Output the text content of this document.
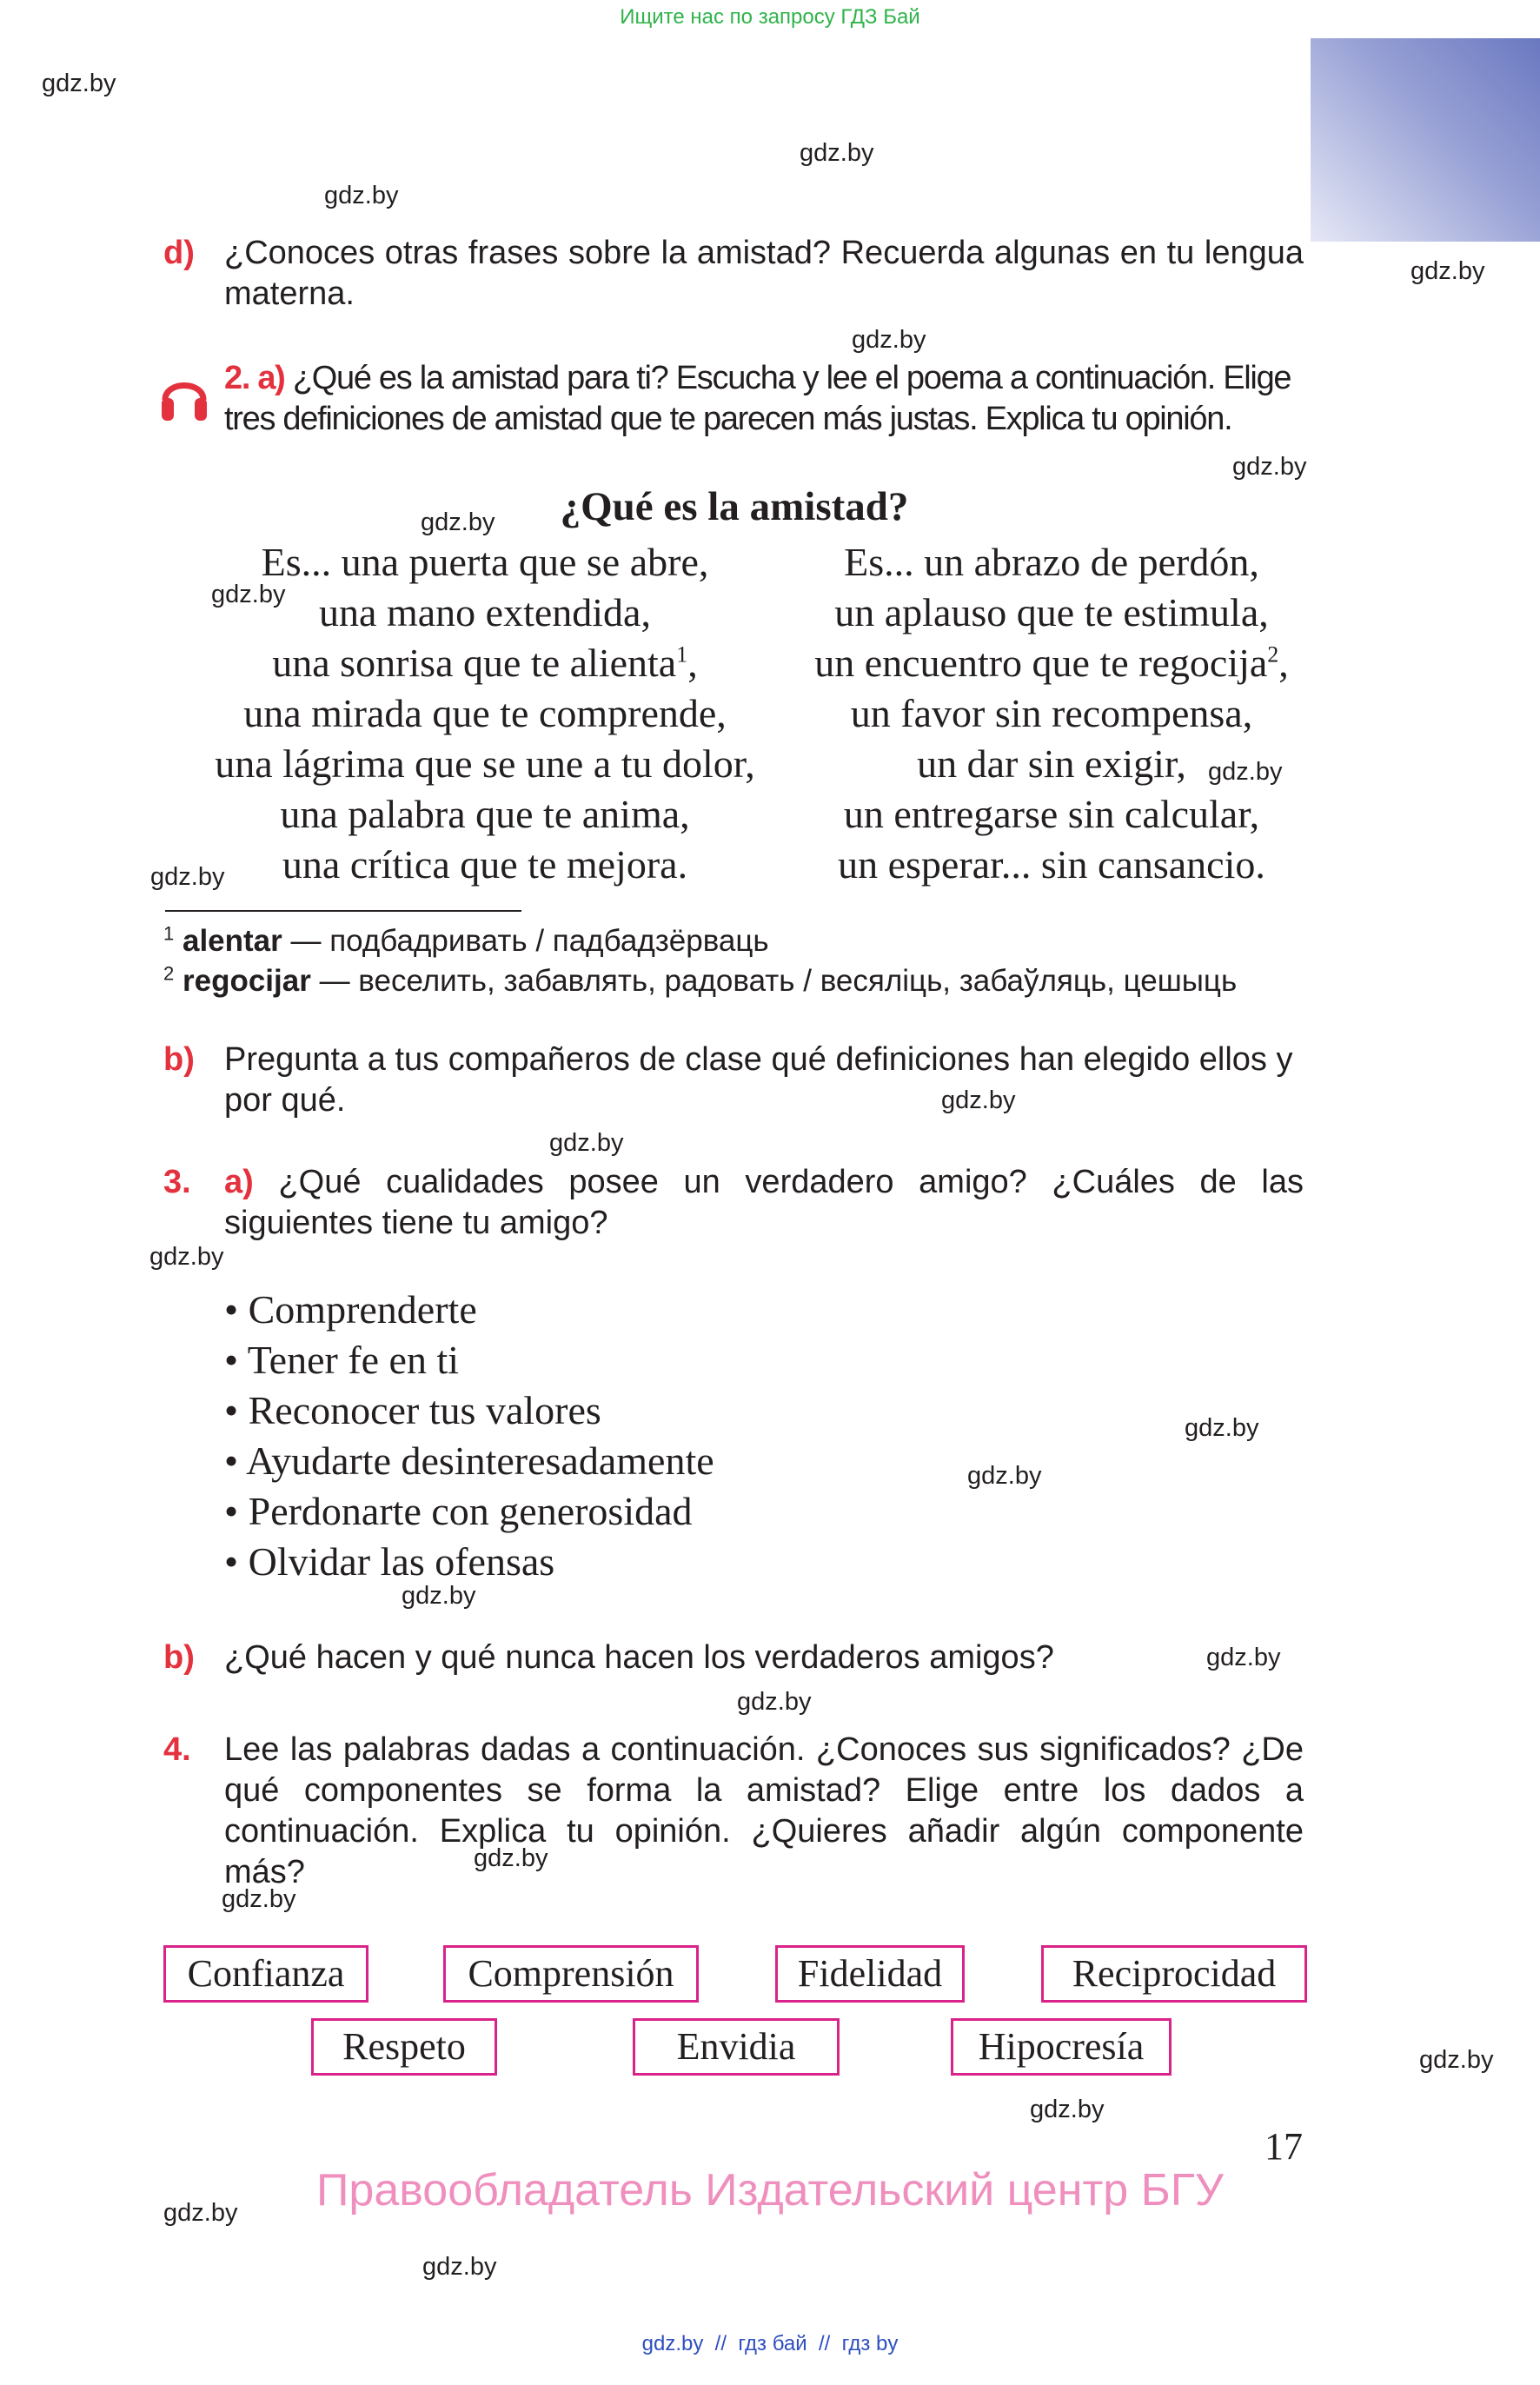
Ищите нас по запросу ГДЗ Бай
gdz.by
gdz.by
gdz.by
gdz.by
gdz.by
gdz.by
gdz.by
gdz.by
gdz.by
gdz.by
gdz.by
gdz.by
gdz.by
gdz.by
gdz.by
gdz.by
gdz.by
gdz.by
gdz.by
gdz.by
gdz.by
gdz.by
gdz.by
gdz.by
d) ¿Conoces otras frases sobre la amistad? Recuerda algunas en tu lengua materna.
2. a) ¿Qué es la amistad para ti? Escucha y lee el poema a continuación. Elige tres definiciones de amistad que te parecen más justas. Explica tu opinión.
¿Qué es la amistad?
Es... una puerta que se abre,
una mano extendida,
una sonrisa que te alienta$^1$,
una mirada que te comprende,
una lágrima que se une a tu dolor,
una palabra que te anima,
una crítica que te mejora.
Es... un abrazo de perdón,
un aplauso que te estimula,
un encuentro que te regocija$^2$,
un favor sin recompensa,
un dar sin exigir,
un entregarse sin calcular,
un esperar... sin cansancio.
$^1$ alentar — подбадривать / падбадзёрваць
$^2$ regocijar — веселить, забавлять, радовать / весяліць, забаўляць, цешыць
b) Pregunta a tus compañeros de clase qué definiciones han elegido ellos y por qué.
3. a) ¿Qué cualidades posee un verdadero amigo? ¿Cuáles de las siguientes tiene tu amigo?
• Comprenderte
• Tener fe en ti
• Reconocer tus valores
• Ayudarte desinteresadamente
• Perdonarte con generosidad
• Olvidar las ofensas
b) ¿Qué hacen y qué nunca hacen los verdaderos amigos?
4. Lee las palabras dadas a continuación. ¿Conoces sus significados? ¿De qué componentes se forma la amistad? Elige entre los dados a continuación. Explica tu opinión. ¿Quieres añadir algún componente más?
Confianza	Comprensión	Fidelidad	Reciprocidad
Respeto	Envidia	Hipocresía
17
Правообладатель Издательский центр БГУ
gdz.by  //  гдз бай  //  гдз by
